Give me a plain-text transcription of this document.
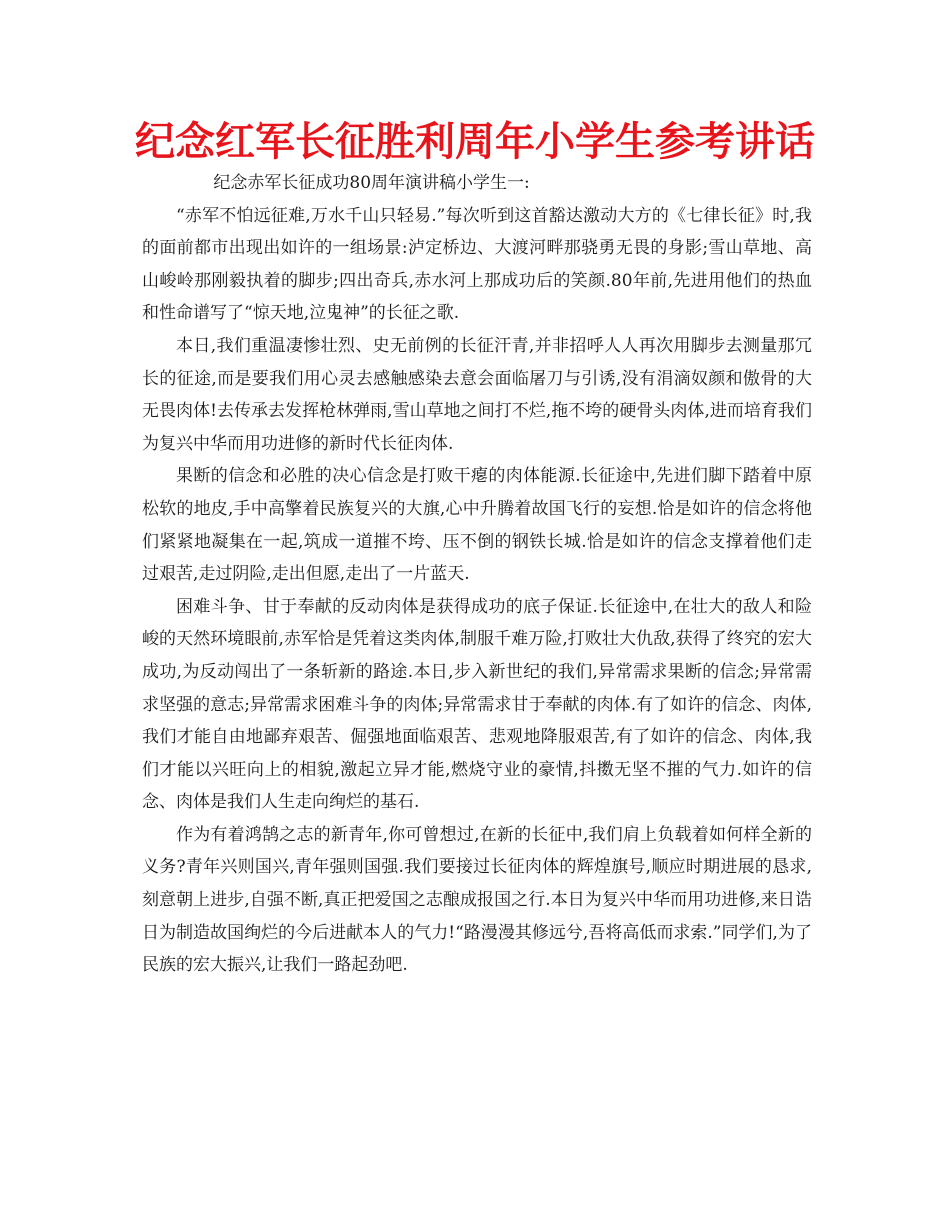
纪念红军长征胜利周年小学生参考讲话

纪念赤军长征成功80周年演讲稿小学生一:

“赤军不怕远征难,万水千山只轻易.”每次听到这首豁达激动大方的《七律长征》时,我的面前都市出现出如许的一组场景:泸定桥边、大渡河畔那骁勇无畏的身影;雪山草地、高山峻岭那刚毅执着的脚步;四出奇兵,赤水河上那成功后的笑颜.80年前,先进用他们的热血和性命谱写了“惊天地,泣鬼神”的长征之歌.

本日,我们重温凄惨壮烈、史无前例的长征汗青,并非招呼人人再次用脚步去测量那冗长的征途,而是要我们用心灵去感触感染去意会面临屠刀与引诱,没有涓滴奴颜和傲骨的大无畏肉体!去传承去发挥枪林弹雨,雪山草地之间打不烂,拖不垮的硬骨头肉体,进而培育我们为复兴中华而用功进修的新时代长征肉体.

果断的信念和必胜的决心信念是打败干瘪的肉体能源.长征途中,先进们脚下踏着中原松软的地皮,手中高擎着民族复兴的大旗,心中升腾着故国飞行的妄想.恰是如许的信念将他们紧紧地凝集在一起,筑成一道摧不垮、压不倒的钢铁长城.恰是如许的信念支撑着他们走过艰苦,走过阴险,走出但愿,走出了一片蓝天.

困难斗争、甘于奉献的反动肉体是获得成功的底子保证.长征途中,在壮大的敌人和险峻的天然环境眼前,赤军恰是凭着这类肉体,制服千难万险,打败壮大仇敌,获得了终究的宏大成功,为反动闯出了一条斩新的路途.本日,步入新世纪的我们,异常需求果断的信念;异常需求坚强的意志;异常需求困难斗争的肉体;异常需求甘于奉献的肉体.有了如许的信念、肉体,我们才能自由地鄙弃艰苦、倔强地面临艰苦、悲观地降服艰苦,有了如许的信念、肉体,我们才能以兴旺向上的相貌,激起立异才能,燃烧守业的豪情,抖擞无坚不摧的气力.如许的信念、肉体是我们人生走向绚烂的基石.

作为有着鸿鹄之志的新青年,你可曾想过,在新的长征中,我们肩上负载着如何样全新的义务?青年兴则国兴,青年强则国强.我们要接过长征肉体的辉煌旗号,顺应时期进展的恳求,刻意朝上进步,自强不断,真正把爱国之志酿成报国之行.本日为复兴中华而用功进修,来日诰日为制造故国绚烂的今后进献本人的气力!“路漫漫其修远兮,吾将高低而求索.”同学们,为了民族的宏大振兴,让我们一路起劲吧.
